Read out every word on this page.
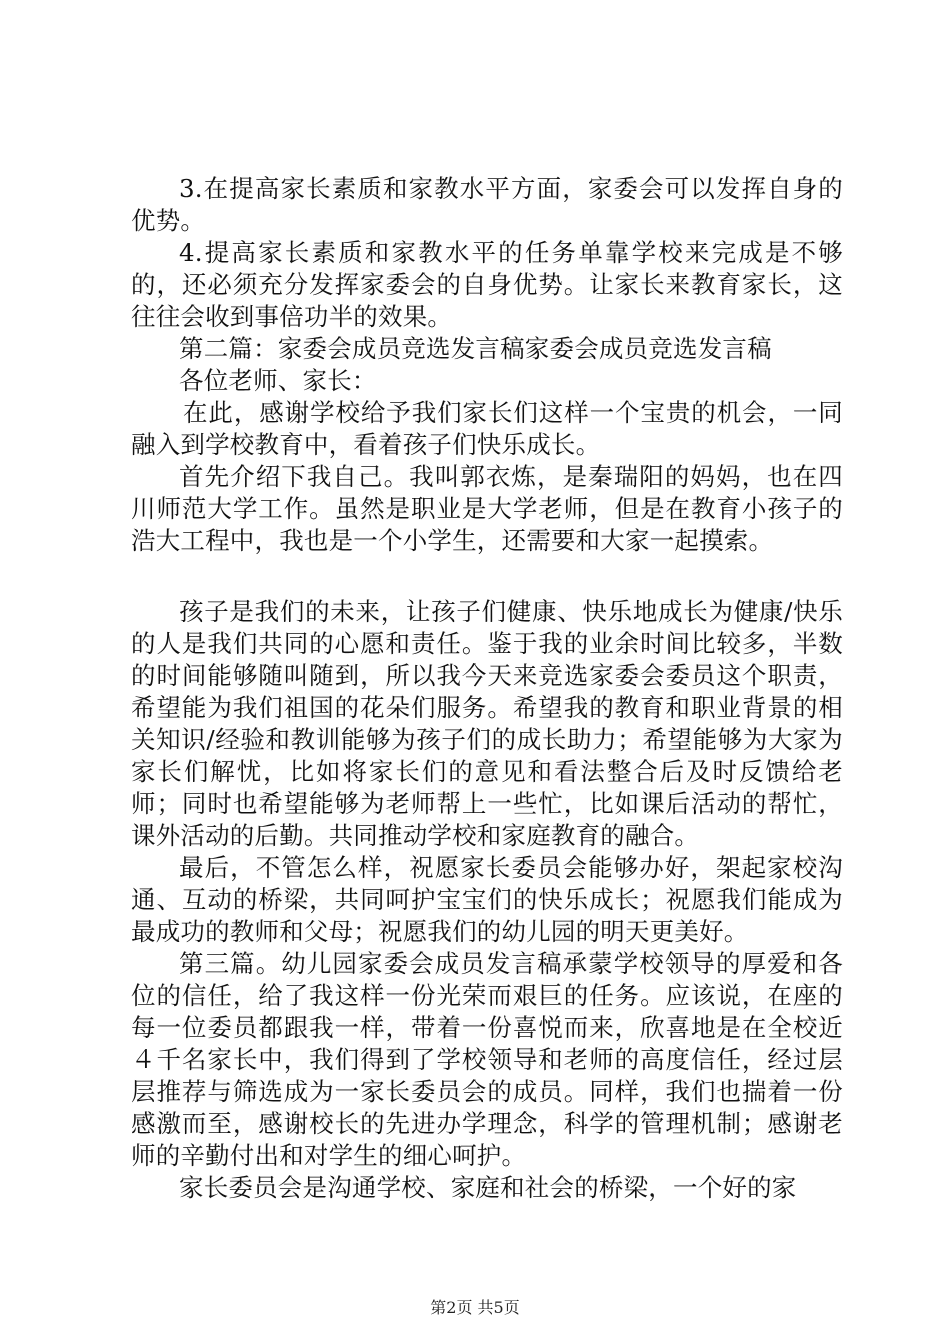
3.在提高家长素质和家教水平方面，家委会可以发挥自身的优势。

4.提高家长素质和家教水平的任务单靠学校来完成是不够的，还必须充分发挥家委会的自身优势。让家长来教育家长，这往往会收到事倍功半的效果。

第二篇：家委会成员竞选发言稿家委会成员竞选发言稿

各位老师、家长：

在此，感谢学校给予我们家长们这样一个宝贵的机会，一同融入到学校教育中，看着孩子们快乐成长。

首先介绍下我自己。我叫郭衣炼，是秦瑞阳的妈妈，也在四川师范大学工作。虽然是职业是大学老师，但是在教育小孩子的浩大工程中，我也是一个小学生，还需要和大家一起摸索。

孩子是我们的未来，让孩子们健康、快乐地成长为健康/快乐的人是我们共同的心愿和责任。鉴于我的业余时间比较多，半数的时间能够随叫随到，所以我今天来竞选家委会委员这个职责，希望能为我们祖国的花朵们服务。希望我的教育和职业背景的相关知识/经验和教训能够为孩子们的成长助力；希望能够为大家为家长们解忧，比如将家长们的意见和看法整合后及时反馈给老师；同时也希望能够为老师帮上一些忙，比如课后活动的帮忙，课外活动的后勤。共同推动学校和家庭教育的融合。

最后，不管怎么样，祝愿家长委员会能够办好，架起家校沟通、互动的桥梁，共同呵护宝宝们的快乐成长；祝愿我们能成为最成功的教师和父母；祝愿我们的幼儿园的明天更美好。

第三篇。幼儿园家委会成员发言稿承蒙学校领导的厚爱和各位的信任，给了我这样一份光荣而艰巨的任务。应该说，在座的每一位委员都跟我一样，带着一份喜悦而来，欣喜地是在全校近４千名家长中，我们得到了学校领导和老师的高度信任，经过层层推荐与筛选成为一家长委员会的成员。同样，我们也揣着一份感激而至，感谢校长的先进办学理念，科学的管理机制；感谢老师的辛勤付出和对学生的细心呵护。

家长委员会是沟通学校、家庭和社会的桥梁，一个好的家

第2页 共5页
